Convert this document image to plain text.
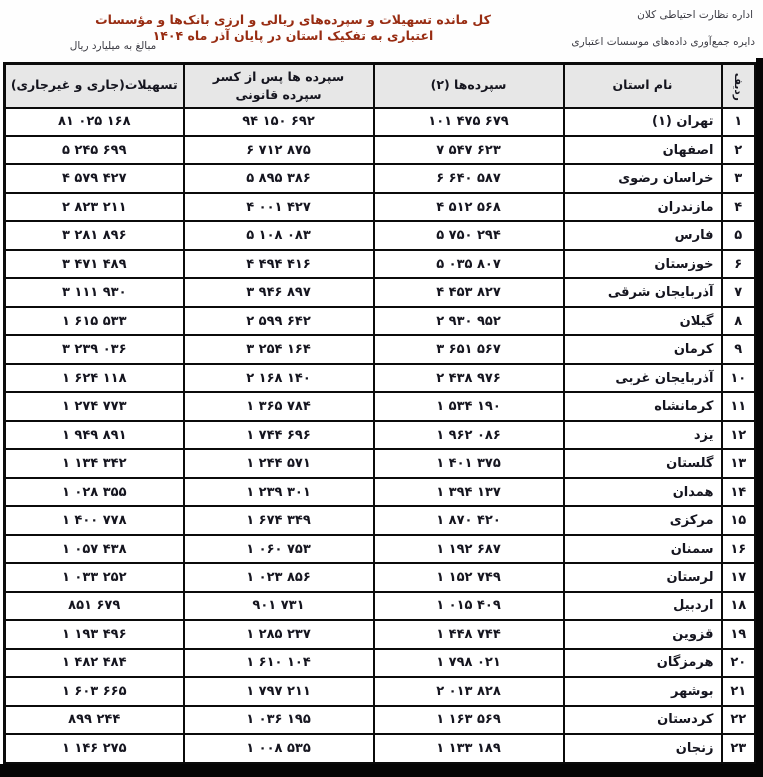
اداره نظارت احتیاطی کلان
دایره جمع‌آوری داده‌های موسسات اعتباری
کل مانده تسهیلات و سپرده‌های ریالی و ارزی بانک‌ها و مؤسسات اعتباری به تفکیک استان در پایان آذر ماه ۱۴۰۴
مبالغ به میلیارد ریال
ردیف	نام استان	سپرده‌ها (۲)	سپرده ها پس از کسر
سپرده قانونی	تسهیلات(جاری و غیرجاری)
۱	تهران (۱)	۱۰۱ ۴۷۵ ۶۷۹	۹۴ ۱۵۰ ۶۹۲	۸۱ ۰۲۵ ۱۶۸
۲	اصفهان	۷ ۵۴۷ ۶۲۳	۶ ۷۱۲ ۸۷۵	۵ ۲۴۵ ۶۹۹
۳	خراسان رضوی	۶ ۶۴۰ ۵۸۷	۵ ۸۹۵ ۳۸۶	۴ ۵۷۹ ۴۲۷
۴	مازندران	۴ ۵۱۲ ۵۶۸	۴ ۰۰۱ ۴۲۷	۲ ۸۲۳ ۲۱۱
۵	فارس	۵ ۷۵۰ ۲۹۴	۵ ۱۰۸ ۰۸۳	۳ ۲۸۱ ۸۹۶
۶	خوزستان	۵ ۰۳۵ ۸۰۷	۴ ۴۹۴ ۴۱۶	۳ ۴۷۱ ۴۸۹
۷	آذربایجان شرقی	۴ ۴۵۳ ۸۲۷	۳ ۹۴۶ ۸۹۷	۳ ۱۱۱ ۹۳۰
۸	گیلان	۲ ۹۳۰ ۹۵۲	۲ ۵۹۹ ۶۴۲	۱ ۶۱۵ ۵۳۳
۹	کرمان	۳ ۶۵۱ ۵۶۷	۳ ۲۵۴ ۱۶۴	۳ ۲۳۹ ۰۳۶
۱۰	آذربایجان غربی	۲ ۴۳۸ ۹۷۶	۲ ۱۶۸ ۱۴۰	۱ ۶۲۴ ۱۱۸
۱۱	کرمانشاه	۱ ۵۳۴ ۱۹۰	۱ ۳۶۵ ۷۸۴	۱ ۲۷۴ ۷۷۳
۱۲	یزد	۱ ۹۶۲ ۰۸۶	۱ ۷۴۴ ۶۹۶	۱ ۹۴۹ ۸۹۱
۱۳	گلستان	۱ ۴۰۱ ۳۷۵	۱ ۲۴۴ ۵۷۱	۱ ۱۳۴ ۳۴۲
۱۴	همدان	۱ ۳۹۴ ۱۳۷	۱ ۲۳۹ ۳۰۱	۱ ۰۲۸ ۳۵۵
۱۵	مرکزی	۱ ۸۷۰ ۴۲۰	۱ ۶۷۴ ۳۴۹	۱ ۴۰۰ ۷۷۸
۱۶	سمنان	۱ ۱۹۲ ۶۸۷	۱ ۰۶۰ ۷۵۳	۱ ۰۵۷ ۴۳۸
۱۷	لرستان	۱ ۱۵۲ ۷۴۹	۱ ۰۲۳ ۸۵۶	۱ ۰۳۳ ۲۵۲
۱۸	اردبیل	۱ ۰۱۵ ۴۰۹	۹۰۱ ۷۳۱	۸۵۱ ۶۷۹
۱۹	قزوین	۱ ۴۴۸ ۷۴۴	۱ ۲۸۵ ۲۳۷	۱ ۱۹۳ ۴۹۶
۲۰	هرمزگان	۱ ۷۹۸ ۰۲۱	۱ ۶۱۰ ۱۰۴	۱ ۴۸۲ ۴۸۴
۲۱	بوشهر	۲ ۰۱۳ ۸۲۸	۱ ۷۹۷ ۲۱۱	۱ ۶۰۳ ۶۶۵
۲۲	کردستان	۱ ۱۶۳ ۵۶۹	۱ ۰۳۶ ۱۹۵	۸۹۹ ۲۴۴
۲۳	زنجان	۱ ۱۳۳ ۱۸۹	۱ ۰۰۸ ۵۳۵	۱ ۱۴۶ ۲۷۵
